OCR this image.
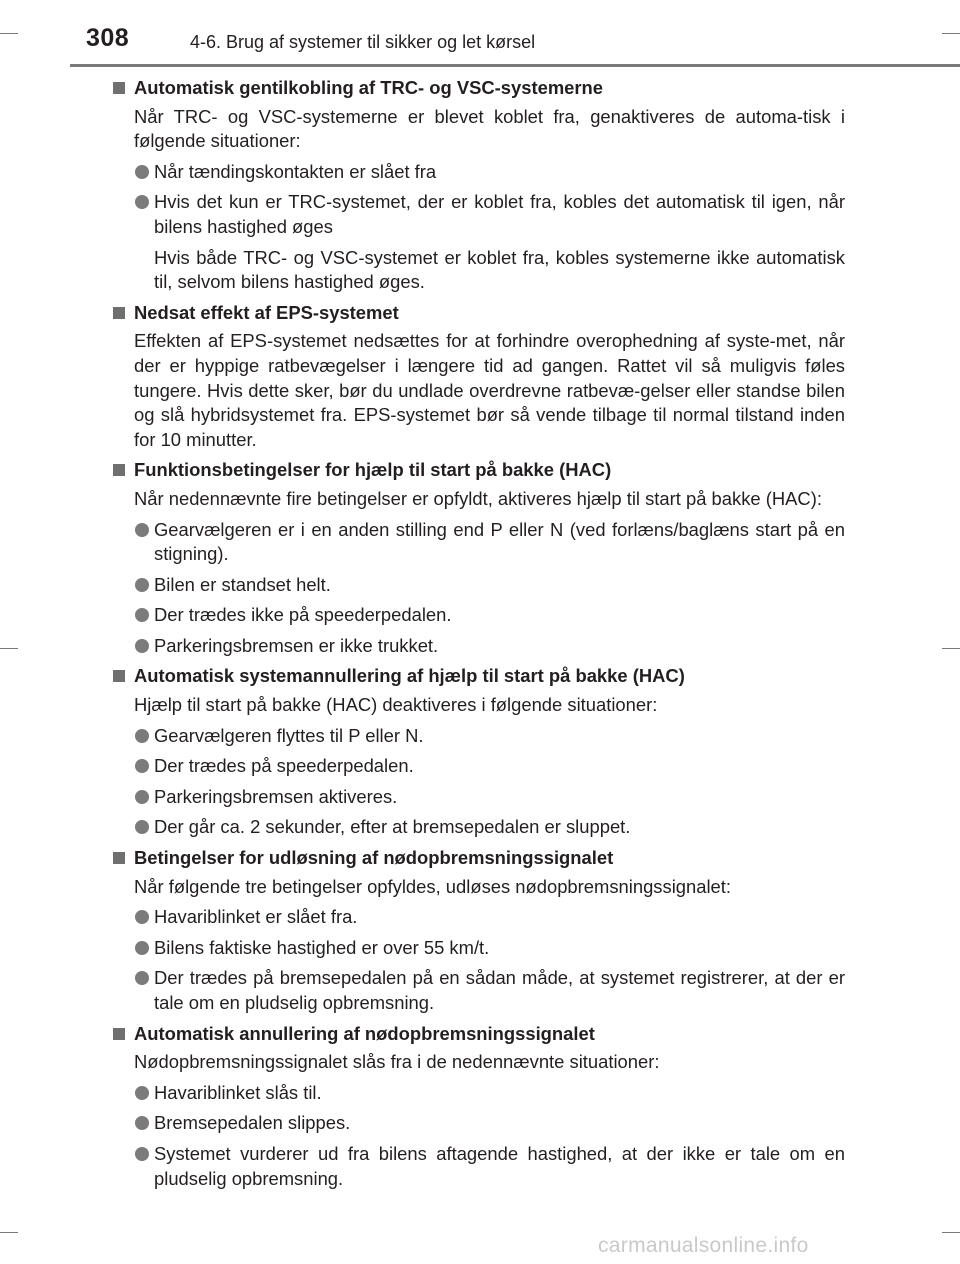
308	4-6. Brug af systemer til sikker og let kørsel
Automatisk gentilkobling af TRC- og VSC-systemerne
Når TRC- og VSC-systemerne er blevet koblet fra, genaktiveres de automa-tisk i følgende situationer:
Når tændingskontakten er slået fra
Hvis det kun er TRC-systemet, der er koblet fra, kobles det automatisk til igen, når bilens hastighed øges
Hvis både TRC- og VSC-systemet er koblet fra, kobles systemerne ikke automatisk til, selvom bilens hastighed øges.
Nedsat effekt af EPS-systemet
Effekten af EPS-systemet nedsættes for at forhindre overophedning af syste-met, når der er hyppige ratbevægelser i længere tid ad gangen. Rattet vil så muligvis føles tungere. Hvis dette sker, bør du undlade overdrevne ratbevæ-gelser eller standse bilen og slå hybridsystemet fra. EPS-systemet bør så vende tilbage til normal tilstand inden for 10 minutter.
Funktionsbetingelser for hjælp til start på bakke (HAC)
Når nedennævnte fire betingelser er opfyldt, aktiveres hjælp til start på bakke (HAC):
Gearvælgeren er i en anden stilling end P eller N (ved forlæns/baglæns start på en stigning).
Bilen er standset helt.
Der trædes ikke på speederpedalen.
Parkeringsbremsen er ikke trukket.
Automatisk systemannullering af hjælp til start på bakke (HAC)
Hjælp til start på bakke (HAC) deaktiveres i følgende situationer:
Gearvælgeren flyttes til P eller N.
Der trædes på speederpedalen.
Parkeringsbremsen aktiveres.
Der går ca. 2 sekunder, efter at bremsepedalen er sluppet.
Betingelser for udløsning af nødopbremsningssignalet
Når følgende tre betingelser opfyldes, udløses nødopbremsningssignalet:
Havariblinket er slået fra.
Bilens faktiske hastighed er over 55 km/t.
Der trædes på bremsepedalen på en sådan måde, at systemet registrerer, at der er tale om en pludselig opbremsning.
Automatisk annullering af nødopbremsningssignalet
Nødopbremsningssignalet slås fra i de nedennævnte situationer:
Havariblinket slås til.
Bremsepedalen slippes.
Systemet vurderer ud fra bilens aftagende hastighed, at der ikke er tale om en pludselig opbremsning.
carmanualsonline.info
